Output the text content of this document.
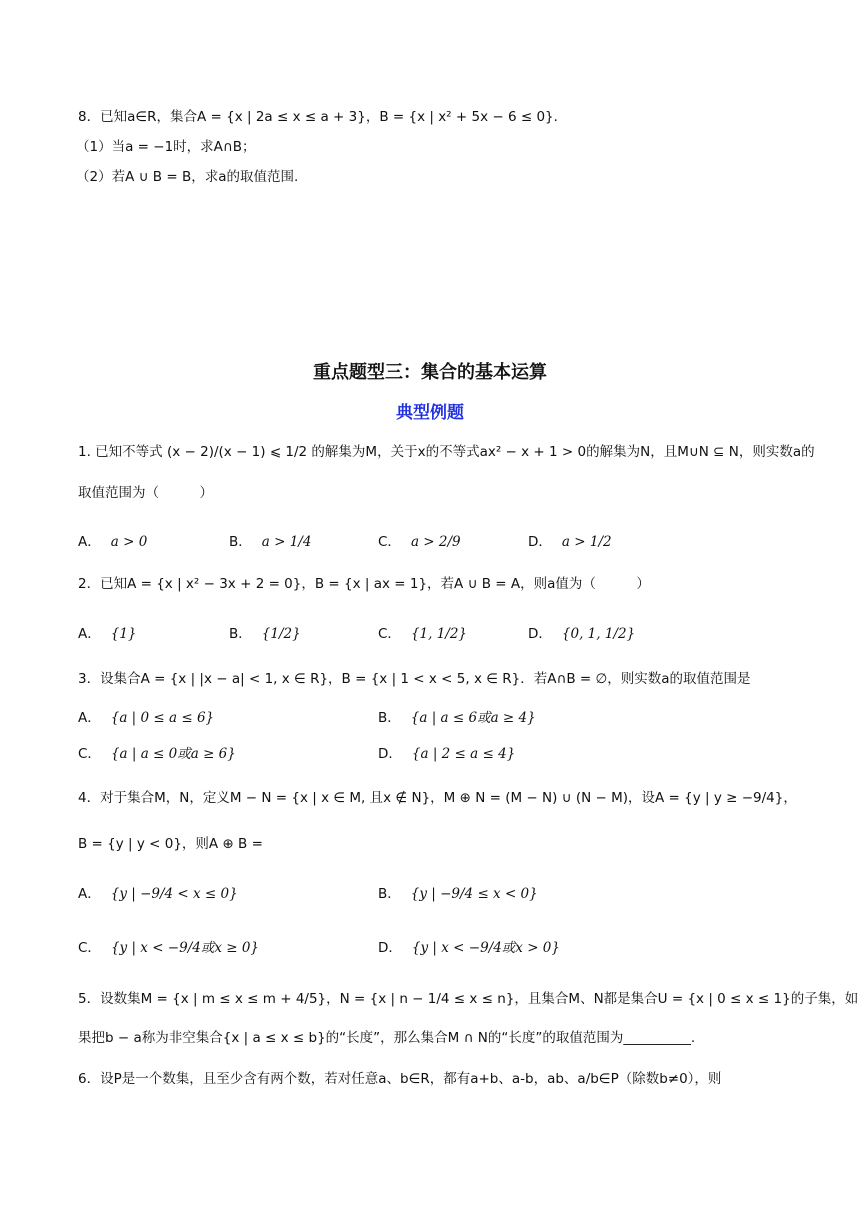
8．已知a∈R，集合A = {x | 2a ≤ x ≤ a + 3}，B = {x | x² + 5x − 6 ≤ 0}．
（1）当a = −1时，求A∩B；
（2）若A ∪ B = B，求a的取值范围.
重点题型三：集合的基本运算
典型例题
1. 已知不等式 (x − 2)/(x − 1) ⩽ 1/2 的解集为M，关于x的不等式ax² − x + 1 > 0的解集为N，且M∪N ⊆ N，则实数a的
取值范围为（　　　）
A． a > 0	B． a > 1/4	C． a > 2/9	D． a > 1/2
2．已知A = {x | x² − 3x + 2 = 0}，B = {x | ax = 1}，若A ∪ B = A，则a值为（　　　）
A． {1}	B． {1/2}	C． {1, 1/2}	D． {0, 1, 1/2}
3．设集合A = {x | |x − a| < 1, x ∈ R}，B = {x | 1 < x < 5, x ∈ R}．若A∩B = ∅，则实数a的取值范围是
A． {a | 0 ≤ a ≤ 6}	B． {a | a ≤ 6或a ≥ 4}
C． {a | a ≤ 0或a ≥ 6}	D． {a | 2 ≤ a ≤ 4}
4．对于集合M，N，定义M − N = {x | x ∈ M, 且x ∉ N}，M ⊕ N = (M − N) ∪ (N − M)，设A = {y | y ≥ −9/4}，
B = {y | y < 0}，则A ⊕ B =
A． {y | −9/4 < x ≤ 0}	B． {y | −9/4 ≤ x < 0}
C． {y | x < −9/4或x ≥ 0}	D． {y | x < −9/4或x > 0}
5．设数集M = {x | m ≤ x ≤ m + 4/5}，N = {x | n − 1/4 ≤ x ≤ n}，且集合M、N都是集合U = {x | 0 ≤ x ≤ 1}的子集，如
果把b − a称为非空集合{x | a ≤ x ≤ b}的“长度”，那么集合M ∩ N的“长度”的取值范围为__________.
6．设P是一个数集，且至少含有两个数，若对任意a、b∈R，都有a+b、a-b，ab、a/b∈P（除数b≠0），则
